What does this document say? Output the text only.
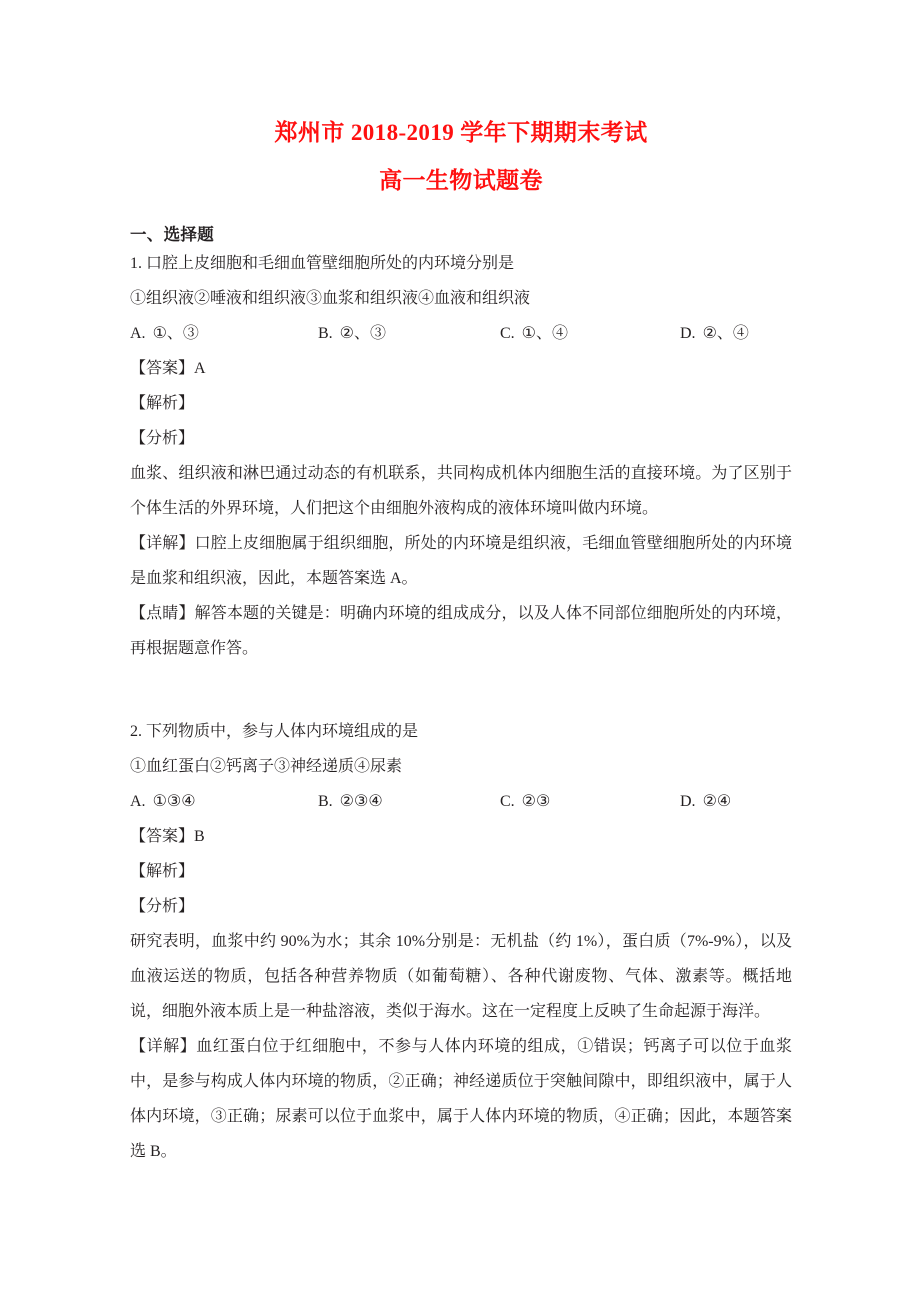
郑州市 2018-2019 学年下期期末考试
高一生物试题卷
一、选择题
1. 口腔上皮细胞和毛细血管壁细胞所处的内环境分别是
①组织液②唾液和组织液③血浆和组织液④血液和组织液
A. ①、③	B. ②、③	C. ①、④	D. ②、④
【答案】A
【解析】
【分析】

血浆、组织液和淋巴通过动态的有机联系，共同构成机体内细胞生活的直接环境。为了区别于个体生活的外界环境，人们把这个由细胞外液构成的液体环境叫做内环境。

【详解】口腔上皮细胞属于组织细胞，所处的内环境是组织液，毛细血管壁细胞所处的内环境是血浆和组织液，因此，本题答案选 A。

【点睛】解答本题的关键是：明确内环境的组成成分，以及人体不同部位细胞所处的内环境，再根据题意作答。

2. 下列物质中，参与人体内环境组成的是
①血红蛋白②钙离子③神经递质④尿素
A. ①③④	B. ②③④	C. ②③	D. ②④
【答案】B
【解析】
【分析】

研究表明，血浆中约 90%为水；其余 10%分别是：无机盐（约 1%），蛋白质（7%-9%），以及血液运送的物质，包括各种营养物质（如葡萄糖）、各种代谢废物、气体、激素等。概括地说，细胞外液本质上是一种盐溶液，类似于海水。这在一定程度上反映了生命起源于海洋。

【详解】血红蛋白位于红细胞中，不参与人体内环境的组成，①错误；钙离子可以位于血浆中，是参与构成人体内环境的物质，②正确；神经递质位于突触间隙中，即组织液中，属于人体内环境，③正确；尿素可以位于血浆中，属于人体内环境的物质，④正确；因此，本题答案选 B。
